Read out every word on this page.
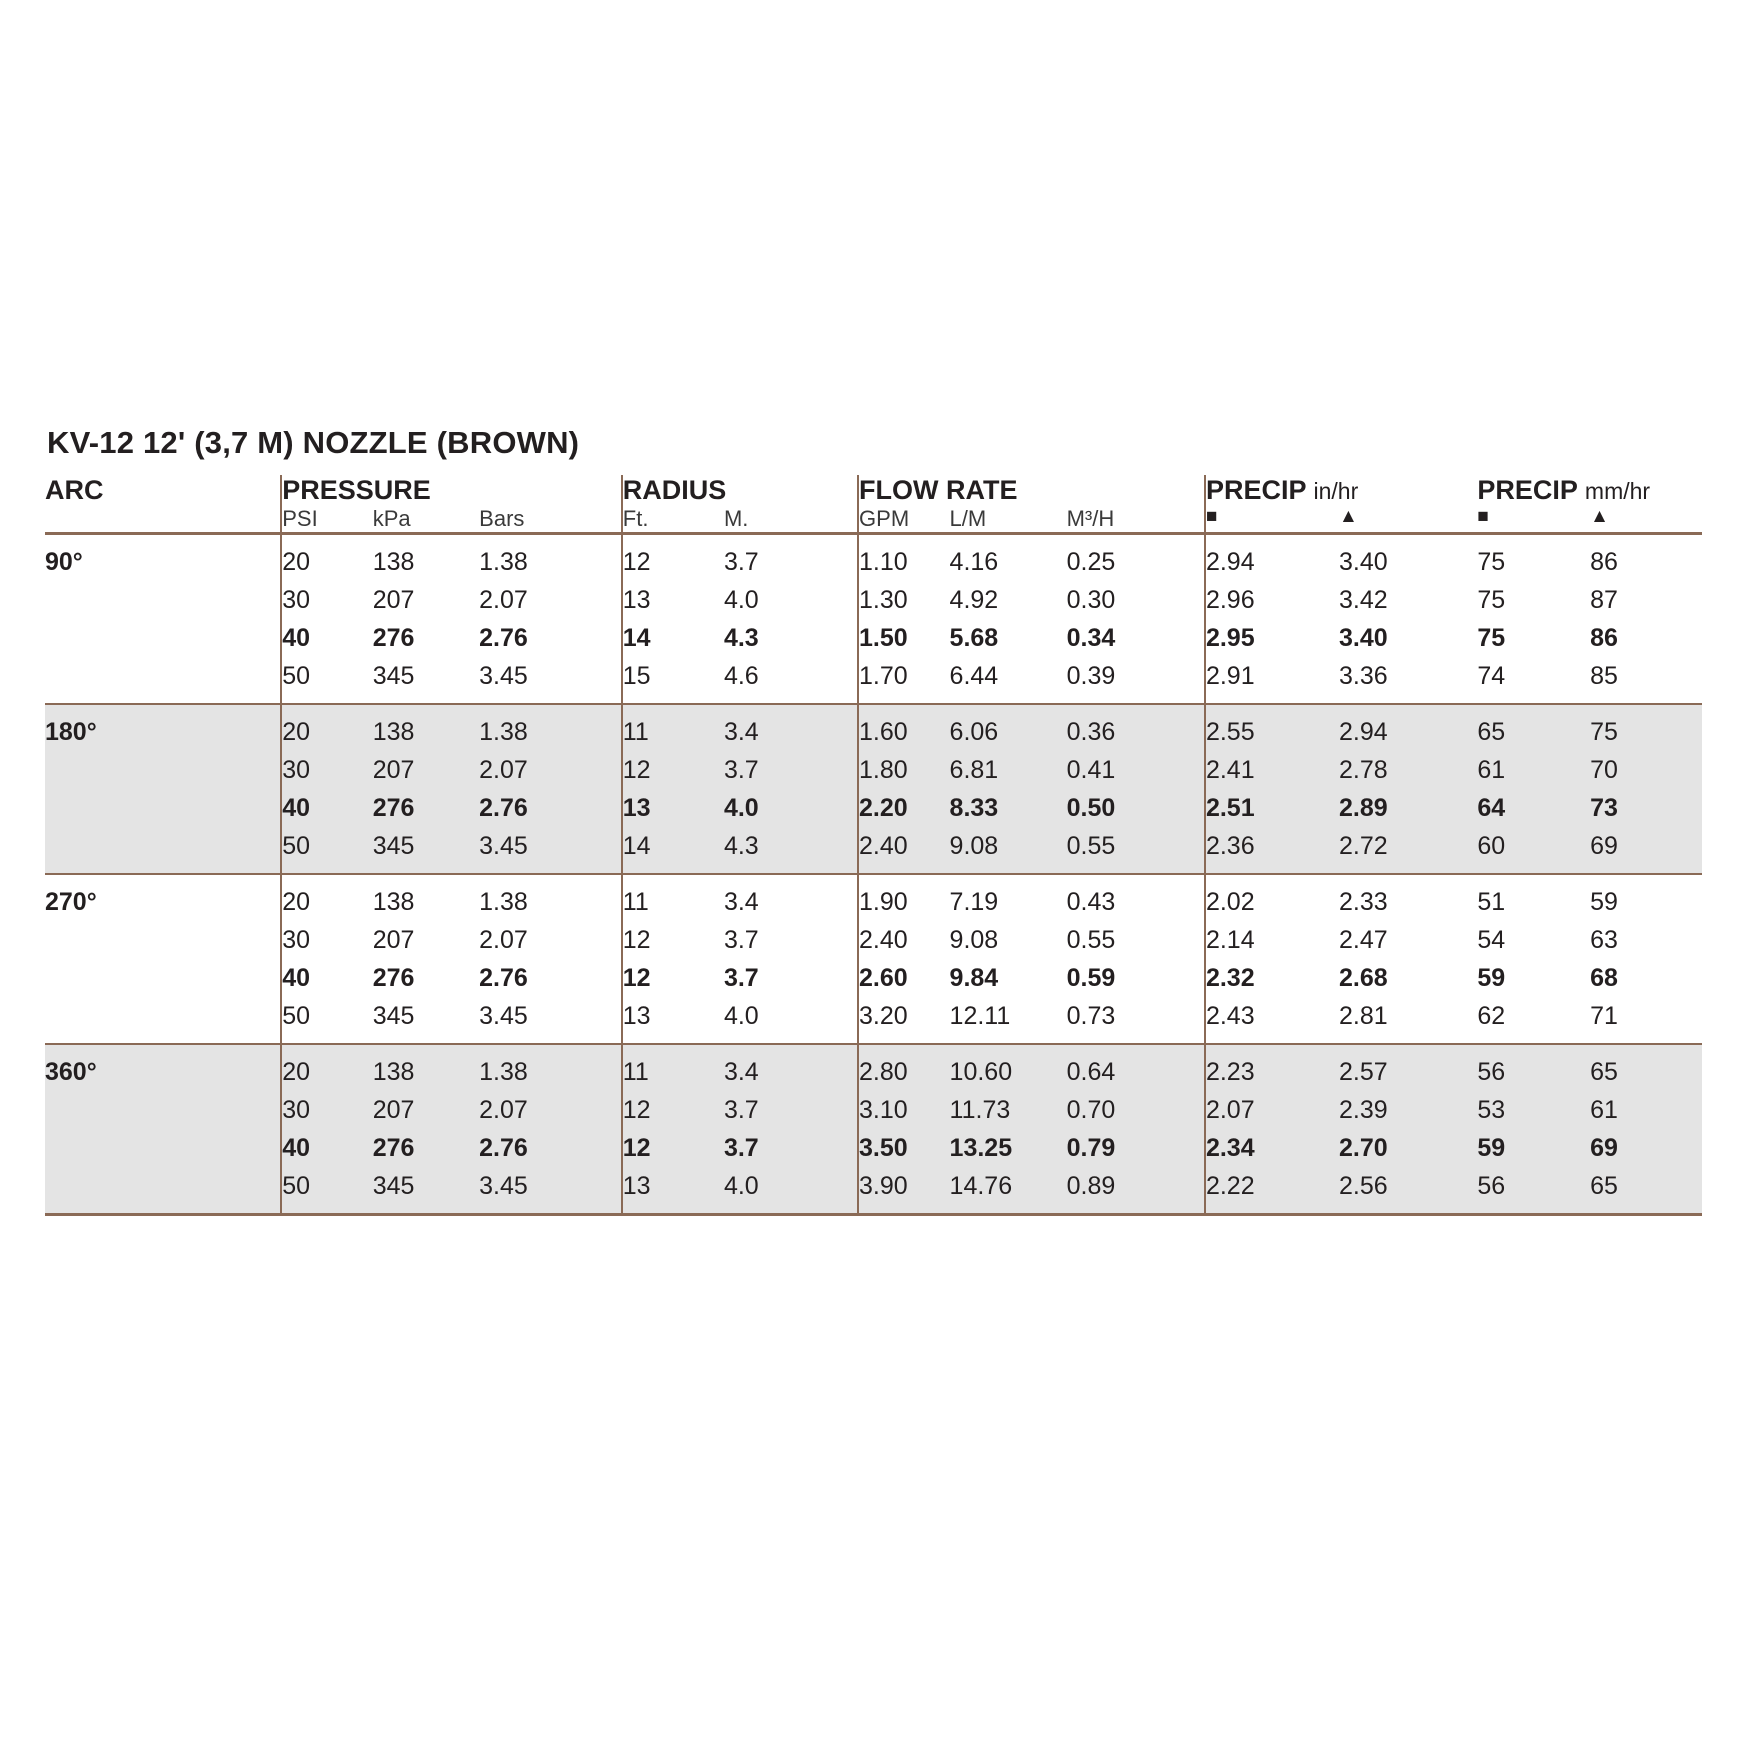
KV-12 12' (3,7 M) NOZZLE (BROWN)
ARC	PRESSURE			RADIUS		FLOW RATE			PRECIP in/hr		PRECIP mm/hr	
	PSI	kPa	Bars	Ft.	M.	GPM	L/M	M³/H	■	▲	■	▲
90°	20	138	1.38	12	3.7	1.10	4.16	0.25	2.94	3.40	75	86
	30	207	2.07	13	4.0	1.30	4.92	0.30	2.96	3.42	75	87
	40	276	2.76	14	4.3	1.50	5.68	0.34	2.95	3.40	75	86
	50	345	3.45	15	4.6	1.70	6.44	0.39	2.91	3.36	74	85
180°	20	138	1.38	11	3.4	1.60	6.06	0.36	2.55	2.94	65	75
	30	207	2.07	12	3.7	1.80	6.81	0.41	2.41	2.78	61	70
	40	276	2.76	13	4.0	2.20	8.33	0.50	2.51	2.89	64	73
	50	345	3.45	14	4.3	2.40	9.08	0.55	2.36	2.72	60	69
270°	20	138	1.38	11	3.4	1.90	7.19	0.43	2.02	2.33	51	59
	30	207	2.07	12	3.7	2.40	9.08	0.55	2.14	2.47	54	63
	40	276	2.76	12	3.7	2.60	9.84	0.59	2.32	2.68	59	68
	50	345	3.45	13	4.0	3.20	12.11	0.73	2.43	2.81	62	71
360°	20	138	1.38	11	3.4	2.80	10.60	0.64	2.23	2.57	56	65
	30	207	2.07	12	3.7	3.10	11.73	0.70	2.07	2.39	53	61
	40	276	2.76	12	3.7	3.50	13.25	0.79	2.34	2.70	59	69
	50	345	3.45	13	4.0	3.90	14.76	0.89	2.22	2.56	56	65
